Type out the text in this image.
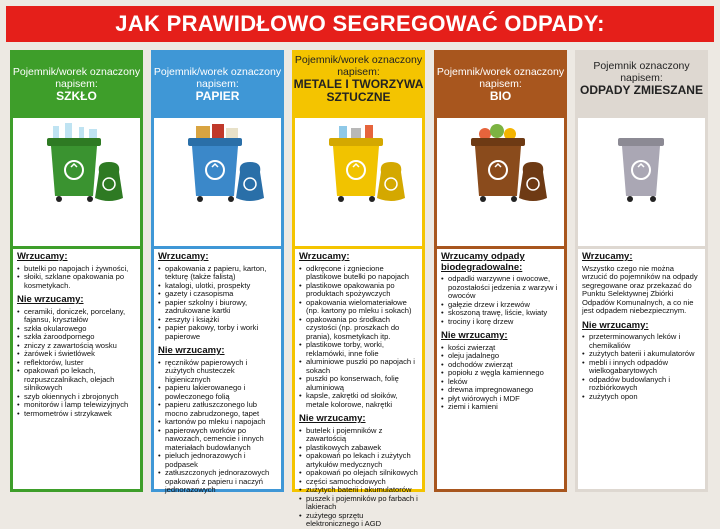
JAK PRAWIDŁOWO SEGREGOWAĆ ODPADY:
Pojemnik/worek oznaczony napisem:
SZKŁO
Wrzucamy:
• butelki po napojach i żywności,
• słoiki, szklane opakowania po kosmetykach.
Nie wrzucamy:
• ceramiki, doniczek, porcelany, fajansu, kryształów
• szkła okularowego
• szkła żaroodpornego
• zniczy z zawartością wosku
• żarówek i świetlówek
• reflektorów, luster
• opakowań po lekach, rozpuszczalnikach, olejach silnikowych
• szyb okiennych i zbrojonych
• monitorów i lamp telewizyjnych
• termometrów i strzykawek
Pojemnik/worek oznaczony napisem:
PAPIER
Wrzucamy:
• opakowania z papieru, karton, tekturę (także falistą)
• katalogi, ulotki, prospekty
• gazety i czasopisma
• papier szkolny i biurowy, zadrukowane kartki
• zeszyty i książki
• papier pakowy, torby i worki papierowe
Nie wrzucamy:
• ręczników papierowych i zużytych chusteczek higienicznych
• papieru lakierowanego i powleczonego folią
• papieru zatłuszczonego lub mocno zabrudzonego, tapet
• kartonów po mleku i napojach
• papierowych worków po nawozach, cemencie i innych materiałach budowlanych
• pieluch jednorazowych i podpasek
• zatłuszczonych jednorazowych opakowań z papieru i naczyń jednorazowych
Pojemnik/worek oznaczony napisem:
METALE I TWORZYWA SZTUCZNE
Wrzucamy:
• odkręcone i zgniecione plastikowe butelki po napojach
• plastikowe opakowania po produktach spożywczych
• opakowania wielomateriałowe (np. kartony po mleku i sokach)
• opakowania po środkach czystości (np. proszkach do prania), kosmetykach itp.
• plastikowe torby, worki, reklamówki, inne folie
• aluminiowe puszki po napojach i sokach
• puszki po konserwach, folię aluminiową
• kapsle, zakrętki od słoików, metale kolorowe, nakrętki
Nie wrzucamy:
• butelek i pojemników z zawartością
• plastikowych zabawek
• opakowań po lekach i zużytych artykułów medycznych
• opakowań po olejach silnikowych
• części samochodowych
• zużytych baterii i akumulatorów
• puszek i pojemników po farbach i lakierach
• zużytego sprzętu elektronicznego i AGD
Pojemnik/worek oznaczony napisem:
BIO
Wrzucamy odpady biodegradowalne:
• odpadki warzywne i owocowe, pozostałości jedzenia z warzyw i owoców
• gałęzie drzew i krzewów
• skoszoną trawę, liście, kwiaty
• trociny i korę drzew
Nie wrzucamy:
• kości zwierząt
• oleju jadalnego
• odchodów zwierząt
• popiołu z węgla kamiennego
• leków
• drewna impregnowanego
• płyt wiórowych i MDF
• ziemi i kamieni
Pojemnik oznaczony napisem:
ODPADY ZMIESZANE
Wrzucamy:
Wszystko czego nie można wrzucić do pojemników na odpady segregowane oraz przekazać do Punktu Selektywnej Zbiórki Odpadów Komunalnych, a co nie jest odpadem niebezpiecznym.
Nie wrzucamy:
• przeterminowanych leków i chemikaliów
• zużytych baterii i akumulatorów
• mebli i innych odpadów wielkogabarytowych
• odpadów budowlanych i rozbiórkowych
• zużytych opon
